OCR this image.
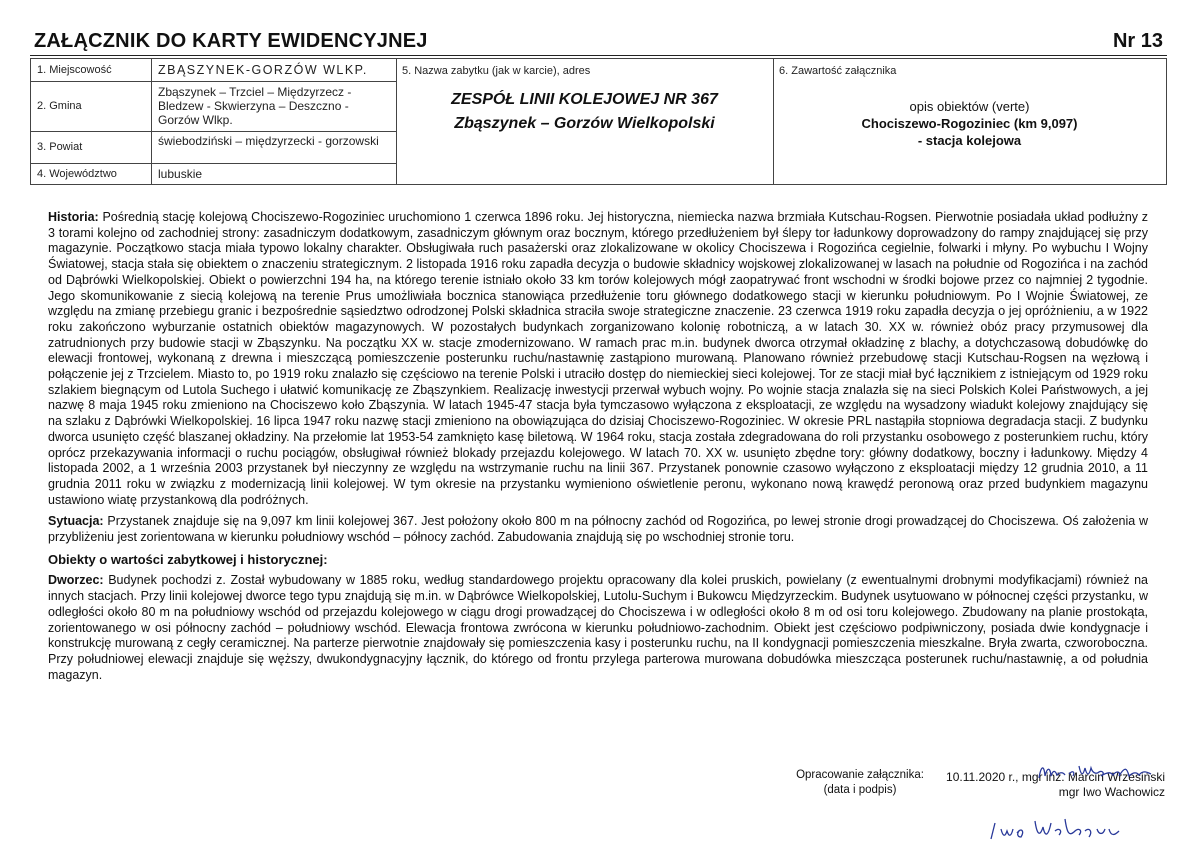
ZAŁĄCZNIK DO KARTY EWIDENCYJNEJ	Nr 13
1. Miejscowość	ZBĄSZYNEK-GORZÓW WLKP.
2. Gmina
Zbąszynek – Trzciel – Międzyrzecz - Bledzew - Skwierzyna – Deszczno - Gorzów Wlkp.
3. Powiat	świebodziński – międzyrzecki - gorzowski
4. Województwo	lubuskie
5. Nazwa zabytku (jak w karcie), adres
ZESPÓŁ LINII KOLEJOWEJ NR 367
Zbąszynek – Gorzów Wielkopolski
6. Zawartość załącznika
opis obiektów (verte)
Chociszewo-Rogoziniec (km 9,097)
- stacja kolejowa

Historia: Pośrednią stację kolejową Chociszewo-Rogoziniec uruchomiono 1 czerwca 1896 roku. Jej historyczna, niemiecka nazwa brzmiała Kutschau-Rogsen. Pierwotnie posiadała układ podłużny z 3 torami kolejno od zachodniej strony: zasadniczym dodatkowym, zasadniczym głównym oraz bocznym, którego przedłużeniem był ślepy tor ładunkowy doprowadzony do rampy znajdującej się przy magazynie. Początkowo stacja miała typowo lokalny charakter. Obsługiwała ruch pasażerski oraz zlokalizowane w okolicy Chociszewa i Rogozińca cegielnie, folwarki i młyny. Po wybuchu I Wojny Światowej, stacja stała się obiektem o znaczeniu strategicznym. 2 listopada 1916 roku zapadła decyzja o budowie składnicy wojskowej zlokalizowanej w lasach na południe od Rogozińca i na zachód od Dąbrówki Wielkopolskiej. Obiekt o powierzchni 194 ha, na którego terenie istniało około 33 km torów kolejowych mógł zaopatrywać front wschodni w środki bojowe przez co najmniej 2 tygodnie. Jego skomunikowanie z siecią kolejową na terenie Prus umożliwiała bocznica stanowiąca przedłużenie toru głównego dodatkowego stacji w kierunku południowym. Po I Wojnie Światowej, ze względu na zmianę przebiegu granic i bezpośrednie sąsiedztwo odrodzonej Polski składnica straciła swoje strategiczne znaczenie. 23 czerwca 1919 roku zapadła decyzja o jej opróżnieniu, a w 1922 roku zakończono wyburzanie ostatnich obiektów magazynowych. W pozostałych budynkach zorganizowano kolonię robotniczą, a w latach 30. XX w. również obóz pracy przymusowej dla zatrudnionych przy budowie stacji w Zbąszynku. Na początku XX w. stacje zmodernizowano. W ramach prac m.in. budynek dworca otrzymał okładzinę z blachy, a dotychczasową dobudówkę do elewacji frontowej, wykonaną z drewna i mieszczącą pomieszczenie posterunku ruchu/nastawnię zastąpiono murowaną. Planowano również przebudowę stacji Kutschau-Rogsen na węzłową i połączenie jej z Trzcielem. Miasto to, po 1919 roku znalazło się częściowo na terenie Polski i utraciło dostęp do niemieckiej sieci kolejowej. Tor ze stacji miał być łącznikiem z istniejącym od 1929 roku szlakiem biegnącym od Lutola Suchego i ułatwić komunikację ze Zbąszynkiem. Realizację inwestycji przerwał wybuch wojny. Po wojnie stacja znalazła się na sieci Polskich Kolei Państwowych, a jej nazwę 8 maja 1945 roku zmieniono na Chociszewo koło Zbąszynia. W latach 1945-47 stacja była tymczasowo wyłączona z eksploatacji, ze względu na wysadzony wiadukt kolejowy znajdujący się na szlaku z Dąbrówki Wielkopolskiej. 16 lipca 1947 roku nazwę stacji zmieniono na obowiązująca do dzisiaj Chociszewo-Rogoziniec. W okresie PRL nastąpiła stopniowa degradacja stacji. Z budynku dworca usunięto część blaszanej okładziny. Na przełomie lat 1953-54 zamknięto kasę biletową. W 1964 roku, stacja została zdegradowana do roli przystanku osobowego z posterunkiem ruchu, który oprócz przekazywania informacji o ruchu pociągów, obsługiwał również blokady przejazdu kolejowego. W latach 70. XX w. usunięto zbędne tory: główny dodatkowy, boczny i ładunkowy. Między 4 listopada 2002, a 1 września 2003 przystanek był nieczynny ze względu na wstrzymanie ruchu na linii 367. Przystanek ponownie czasowo wyłączono z eksploatacji między 12 grudnia 2010, a 11 grudnia 2011 roku w związku z modernizacją linii kolejowej. W tym okresie na przystanku wymieniono oświetlenie peronu, wykonano nową krawędź peronową oraz przed budynkiem magazynu ustawiono wiatę przystankową dla podróżnych.

Sytuacja: Przystanek znajduje się na 9,097 km linii kolejowej 367. Jest położony około 800 m na północny zachód od Rogozińca, po lewej stronie drogi prowadzącej do Chociszewa. Oś założenia w przybliżeniu jest zorientowana w kierunku południowy wschód – północy zachód. Zabudowania znajdują się po wschodniej stronie toru.

Obiekty o wartości zabytkowej i historycznej:

Dworzec: Budynek pochodzi z. Został wybudowany w 1885 roku, według standardowego projektu opracowany dla kolei pruskich, powielany (z ewentualnymi drobnymi modyfikacjami) również na innych stacjach. Przy linii kolejowej dworce tego typu znajdują się m.in. w Dąbrówce Wielkopolskiej, Lutolu-Suchym i Bukowcu Międzyrzeckim. Budynek usytuowano w północnej części przystanku, w odległości około 80 m na południowy wschód od przejazdu kolejowego w ciągu drogi prowadzącej do Chociszewa i w odległości około 8 m od osi toru kolejowego. Zbudowany na planie prostokąta, zorientowanego w osi północny zachód – południowy wschód. Elewacja frontowa zwrócona w kierunku południowo-zachodnim. Obiekt jest częściowo podpiwniczony, posiada dwie kondygnacje i konstrukcję murowaną z cegły ceramicznej. Na parterze pierwotnie znajdowały się pomieszczenia kasy i posterunku ruchu, na II kondygnacji pomieszczenia mieszkalne. Bryła zwarta, czworoboczna. Przy południowej elewacji znajduje się węższy, dwukondygnacyjny łącznik, do którego od frontu przylega parterowa murowana dobudówka mieszcząca posterunek ruchu/nastawnię, a od południa magazyn.

Opracowanie załącznika:
(data i podpis)
10.11.2020 r., mgr inż. Marcin Wrzesiński
mgr Iwo Wachowicz
